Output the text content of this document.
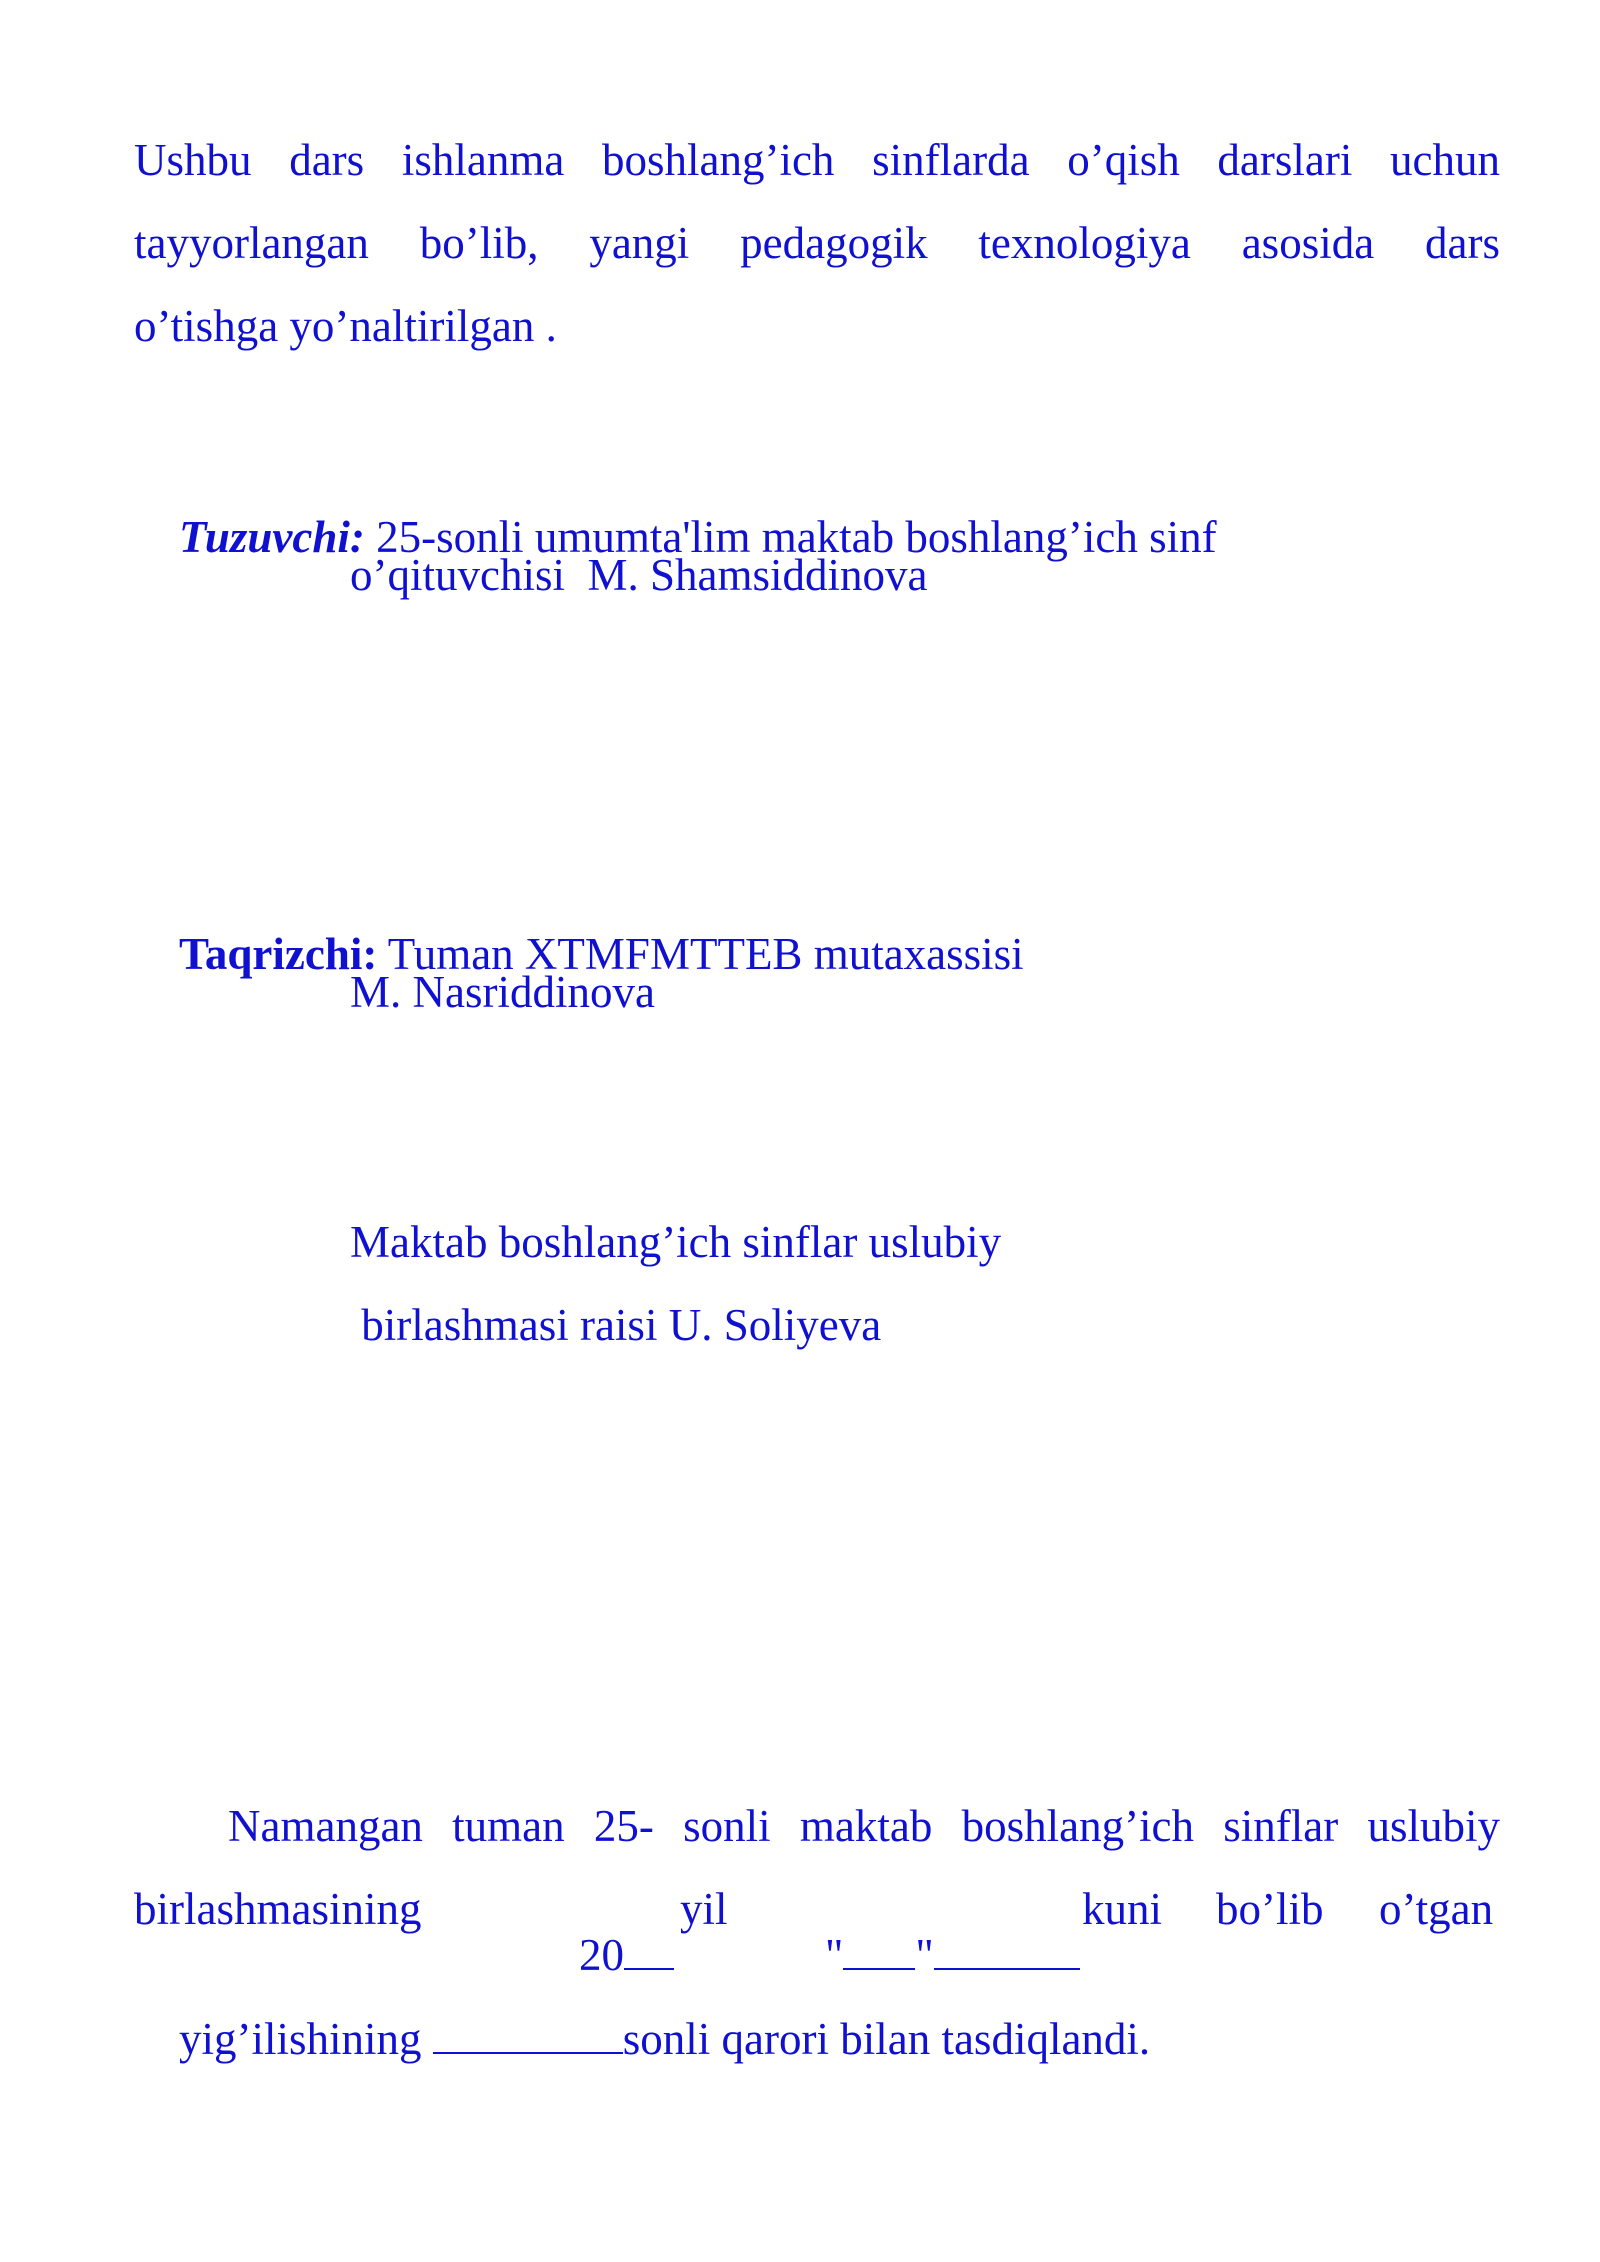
Ushbu dars ishlanma boshlang’ich sinflarda o’qish darslari uchun
tayyorlangan bo’lib, yangi pedagogik texnologiya asosida dars
o’tishga yo’naltirilgan .

Tuzuvchi: 25-sonli umumta'lim maktab boshlang’ich sinf

o’qituvchisi  M. Shamsiddinova

Taqrizchi: Tuman XTMFMTTEB mutaxassisi

M. Nasriddinova
Maktab boshlang’ich sinflar uslubiy
birlashmasi raisi U. Soliyeva
Namangan tuman 25- sonli maktab boshlang’ich sinflar uslubiy
birlashmasining

20

yil

" "

kuni bo’lib o’tgan

yig’ilishining	sonli qarori bilan tasdiqlandi.
